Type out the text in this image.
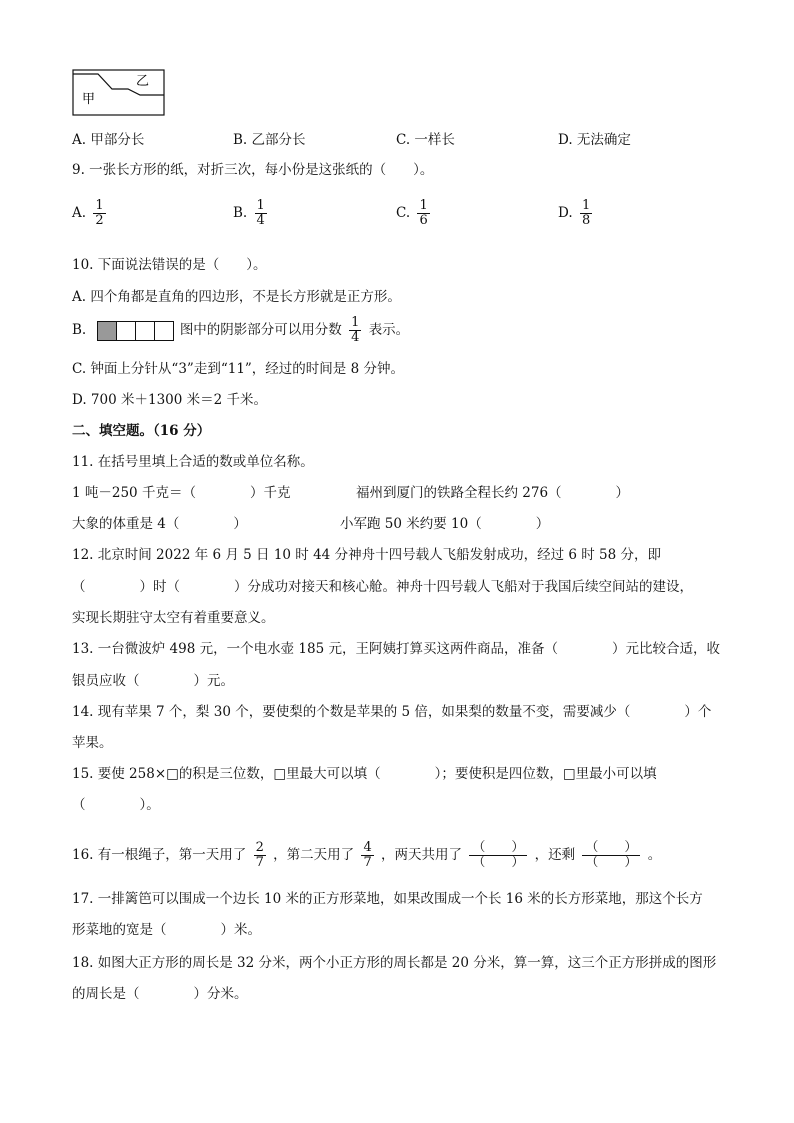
甲
乙
A. 甲部分长	B. 乙部分长	C. 一样长	D. 无法确定
9. 一张长方形的纸，对折三次，每小份是这张纸的（　　）。
A. $\frac{1}{2}$	B. $\frac{1}{4}$	C. $\frac{1}{6}$	D. $\frac{1}{8}$
10. 下面说法错误的是（　　）。
A. 四个角都是直角的四边形，不是长方形就是正方形。
B.	图中的阴影部分可以用分数 $\frac{1}{4}$ 表示。
C. 钟面上分针从“3”走到“11”，经过的时间是 8 分钟。
D. 700 米＋1300 米＝2 千米。
二、填空题。（16 分）
11. 在括号里填上合适的数或单位名称。
1 吨－250 千克＝（　　　　）千克	福州到厦门的铁路全程长约 276（　　　　）
大象的体重是 4（　　　　）	小军跑 50 米约要 10（　　　　）
12. 北京时间 2022 年 6 月 5 日 10 时 44 分神舟十四号载人飞船发射成功，经过 6 时 58 分，即
（　　　　）时（　　　　）分成功对接天和核心舱。神舟十四号载人飞船对于我国后续空间站的建设，
实现长期驻守太空有着重要意义。
13. 一台微波炉 498 元，一个电水壶 185 元，王阿姨打算买这两件商品，准备（　　　　）元比较合适，收
银员应收（　　　　）元。
14. 现有苹果 7 个，梨 30 个，要使梨的个数是苹果的 5 倍，如果梨的数量不变，需要减少（　　　　）个
苹果。
15. 要使 258×□的积是三位数，□里最大可以填（　　　　）；要使积是四位数，□里最小可以填
（　　　　）。
16. 有一根绳子，第一天用了 $\frac{2}{7}$ ，第二天用了 $\frac{4}{7}$ ，两天共用了 $\frac{( )}{( )}$ ，还剩 $\frac{( )}{( )}$ 。
17. 一排篱笆可以围成一个边长 10 米的正方形菜地，如果改围成一个长 16 米的长方形菜地，那这个长方
形菜地的宽是（　　　　）米。
18. 如图大正方形的周长是 32 分米，两个小正方形的周长都是 20 分米，算一算，这三个正方形拼成的图形
的周长是（　　　　）分米。
